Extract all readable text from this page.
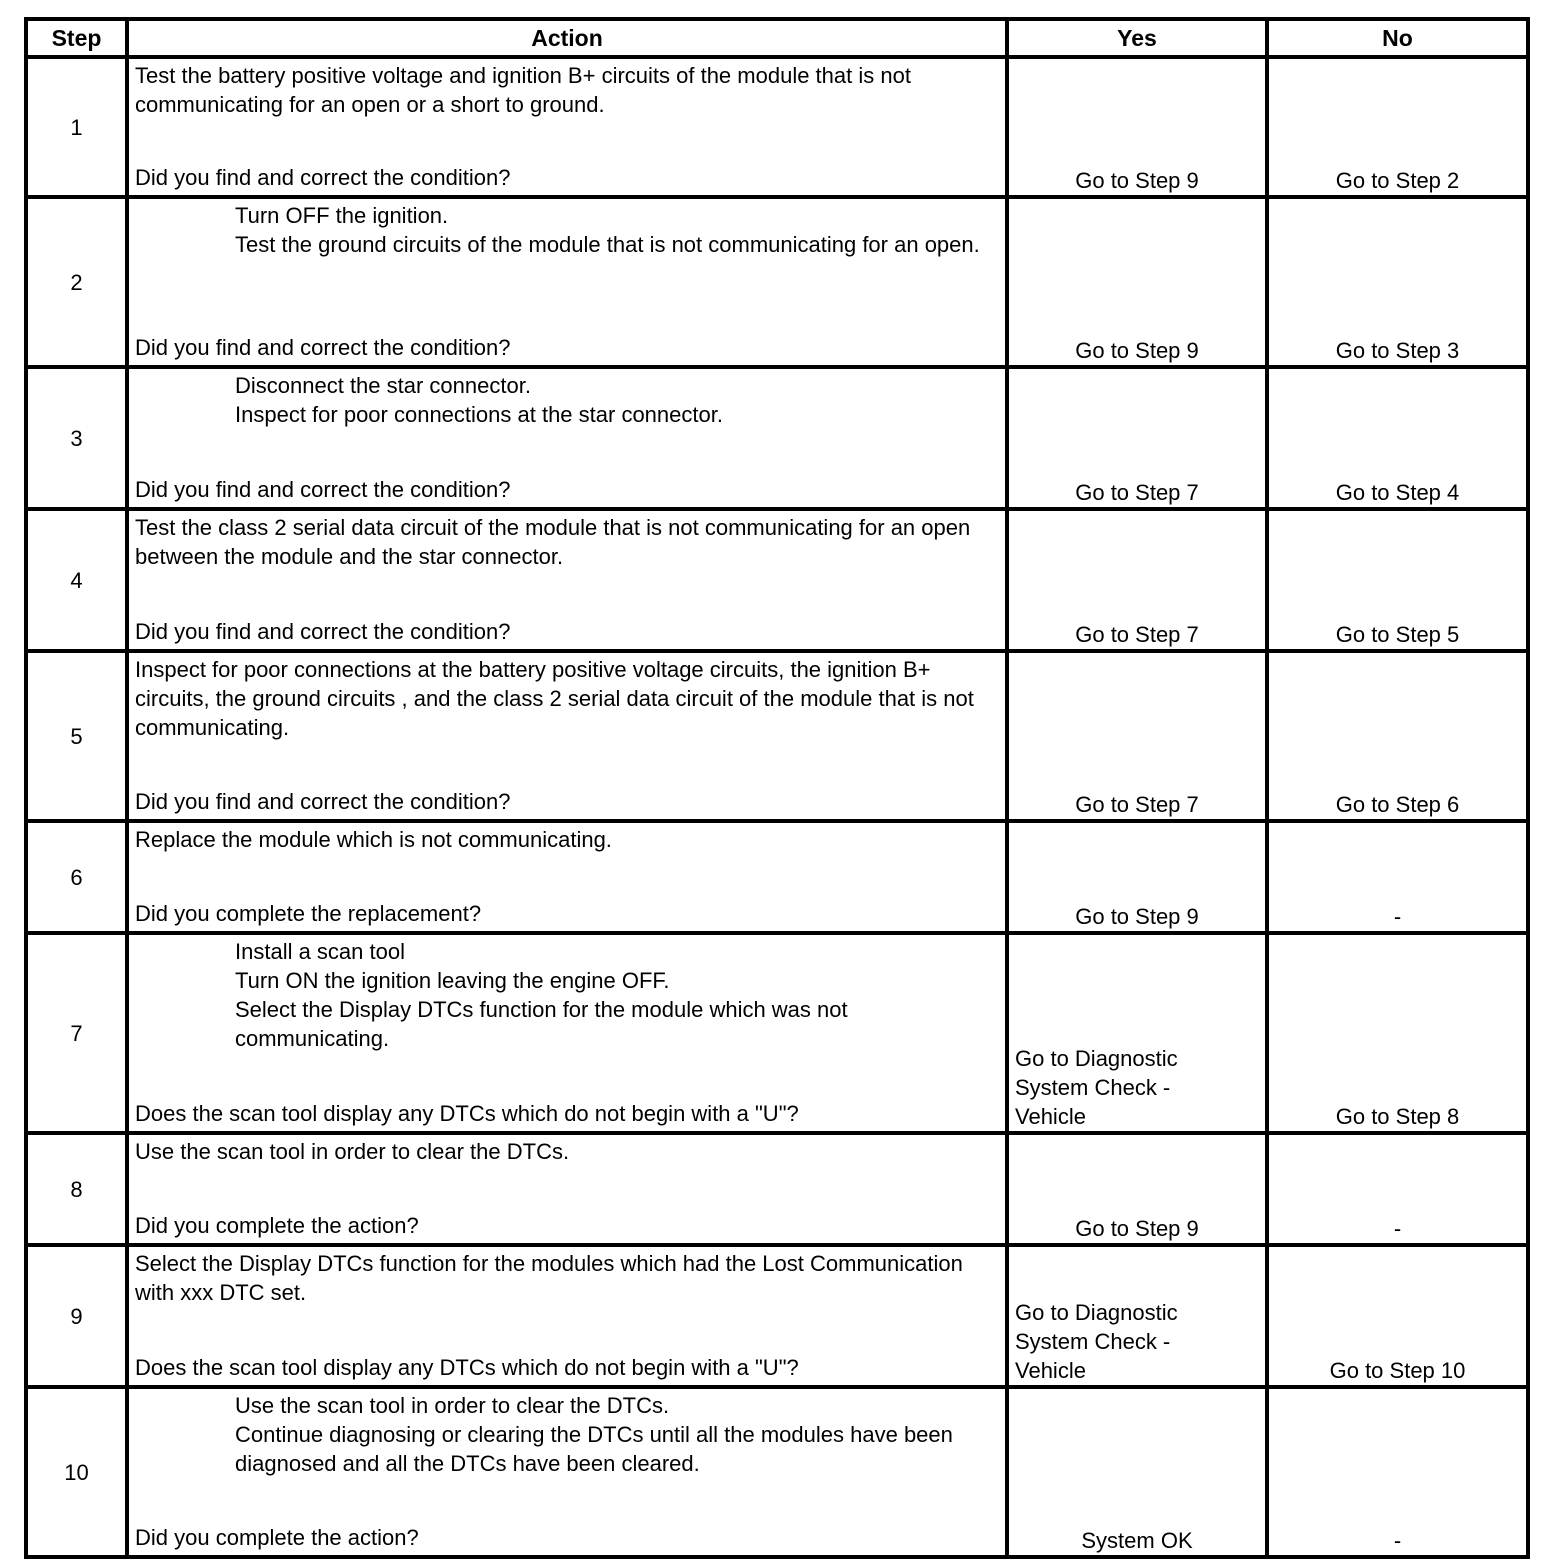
Step	Action	Yes	No
1	Test the battery positive voltage and ignition B+ circuits of the module that is not communicating for an open or a short to ground.
Did you find and correct the condition?	Go to Step 9	Go to Step 2
2	Turn OFF the ignition.
Test the ground circuits of the module that is not communicating for an open.
Did you find and correct the condition?	Go to Step 9	Go to Step 3
3	Disconnect the star connector.
Inspect for poor connections at the star connector.
Did you find and correct the condition?	Go to Step 7	Go to Step 4
4	Test the class 2 serial data circuit of the module that is not communicating for an open between the module and the star connector.
Did you find and correct the condition?	Go to Step 7	Go to Step 5
5	Inspect for poor connections at the battery positive voltage circuits, the ignition B+ circuits, the ground circuits , and the class 2 serial data circuit of the module that is not communicating.
Did you find and correct the condition?	Go to Step 7	Go to Step 6
6	Replace the module which is not communicating.
Did you complete the replacement?	Go to Step 9	-
7	Install a scan tool
Turn ON the ignition leaving the engine OFF.
Select the Display DTCs function for the module which was not communicating.
Does the scan tool display any DTCs which do not begin with a "U"?	Go to Diagnostic System Check - Vehicle	Go to Step 8
8	Use the scan tool in order to clear the DTCs.
Did you complete the action?	Go to Step 9	-
9	Select the Display DTCs function for the modules which had the Lost Communication with xxx DTC set.
Does the scan tool display any DTCs which do not begin with a "U"?	Go to Diagnostic System Check - Vehicle	Go to Step 10
10	Use the scan tool in order to clear the DTCs.
Continue diagnosing or clearing the DTCs until all the modules have been diagnosed and all the DTCs have been cleared.
Did you complete the action?	System OK	-
